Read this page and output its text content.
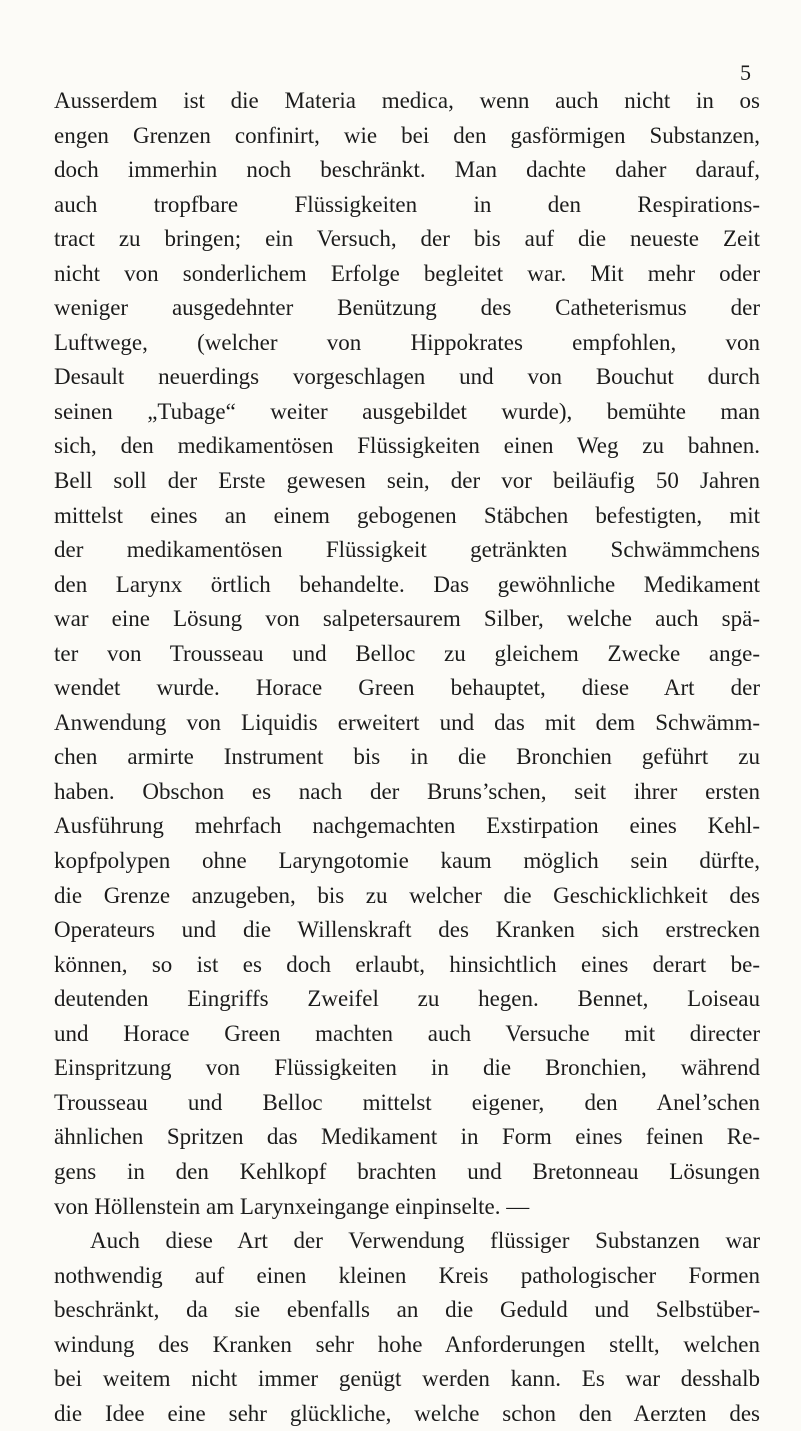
5
Ausserdem ist die Materia medica, wenn auch nicht in os
engen Grenzen confinirt, wie bei den gasförmigen Substanzen,
doch immerhin noch beschränkt. Man dachte daher darauf,
auch tropfbare Flüssigkeiten in den Respirations-
tract zu bringen; ein Versuch, der bis auf die neueste Zeit
nicht von sonderlichem Erfolge begleitet war. Mit mehr oder
weniger ausgedehnter Benützung des Catheterismus der
Luftwege, (welcher von Hippokrates empfohlen, von
Desault neuerdings vorgeschlagen und von Bouchut durch
seinen „Tubage“ weiter ausgebildet wurde), bemühte man
sich, den medikamentösen Flüssigkeiten einen Weg zu bahnen.
Bell soll der Erste gewesen sein, der vor beiläufig 50 Jahren
mittelst eines an einem gebogenen Stäbchen befestigten, mit
der medikamentösen Flüssigkeit getränkten Schwämmchens
den Larynx örtlich behandelte. Das gewöhnliche Medikament
war eine Lösung von salpetersaurem Silber, welche auch spä-
ter von Trousseau und Belloc zu gleichem Zwecke ange-
wendet wurde. Horace Green behauptet, diese Art der
Anwendung von Liquidis erweitert und das mit dem Schwämm-
chen armirte Instrument bis in die Bronchien geführt zu
haben. Obschon es nach der Bruns’schen, seit ihrer ersten
Ausführung mehrfach nachgemachten Exstirpation eines Kehl-
kopfpolypen ohne Laryngotomie kaum möglich sein dürfte,
die Grenze anzugeben, bis zu welcher die Geschicklichkeit des
Operateurs und die Willenskraft des Kranken sich erstrecken
können, so ist es doch erlaubt, hinsichtlich eines derart be-
deutenden Eingriffs Zweifel zu hegen. Bennet, Loiseau
und Horace Green machten auch Versuche mit directer
Einspritzung von Flüssigkeiten in die Bronchien, während
Trousseau und Belloc mittelst eigener, den Anel’schen
ähnlichen Spritzen das Medikament in Form eines feinen Re-
gens in den Kehlkopf brachten und Bretonneau Lösungen
von Höllenstein am Larynxeingange einpinselte. —
Auch diese Art der Verwendung flüssiger Substanzen war
nothwendig auf einen kleinen Kreis pathologischer Formen
beschränkt, da sie ebenfalls an die Geduld und Selbstüber-
windung des Kranken sehr hohe Anforderungen stellt, welchen
bei weitem nicht immer genügt werden kann. Es war desshalb
die Idee eine sehr glückliche, welche schon den Aerzten des
